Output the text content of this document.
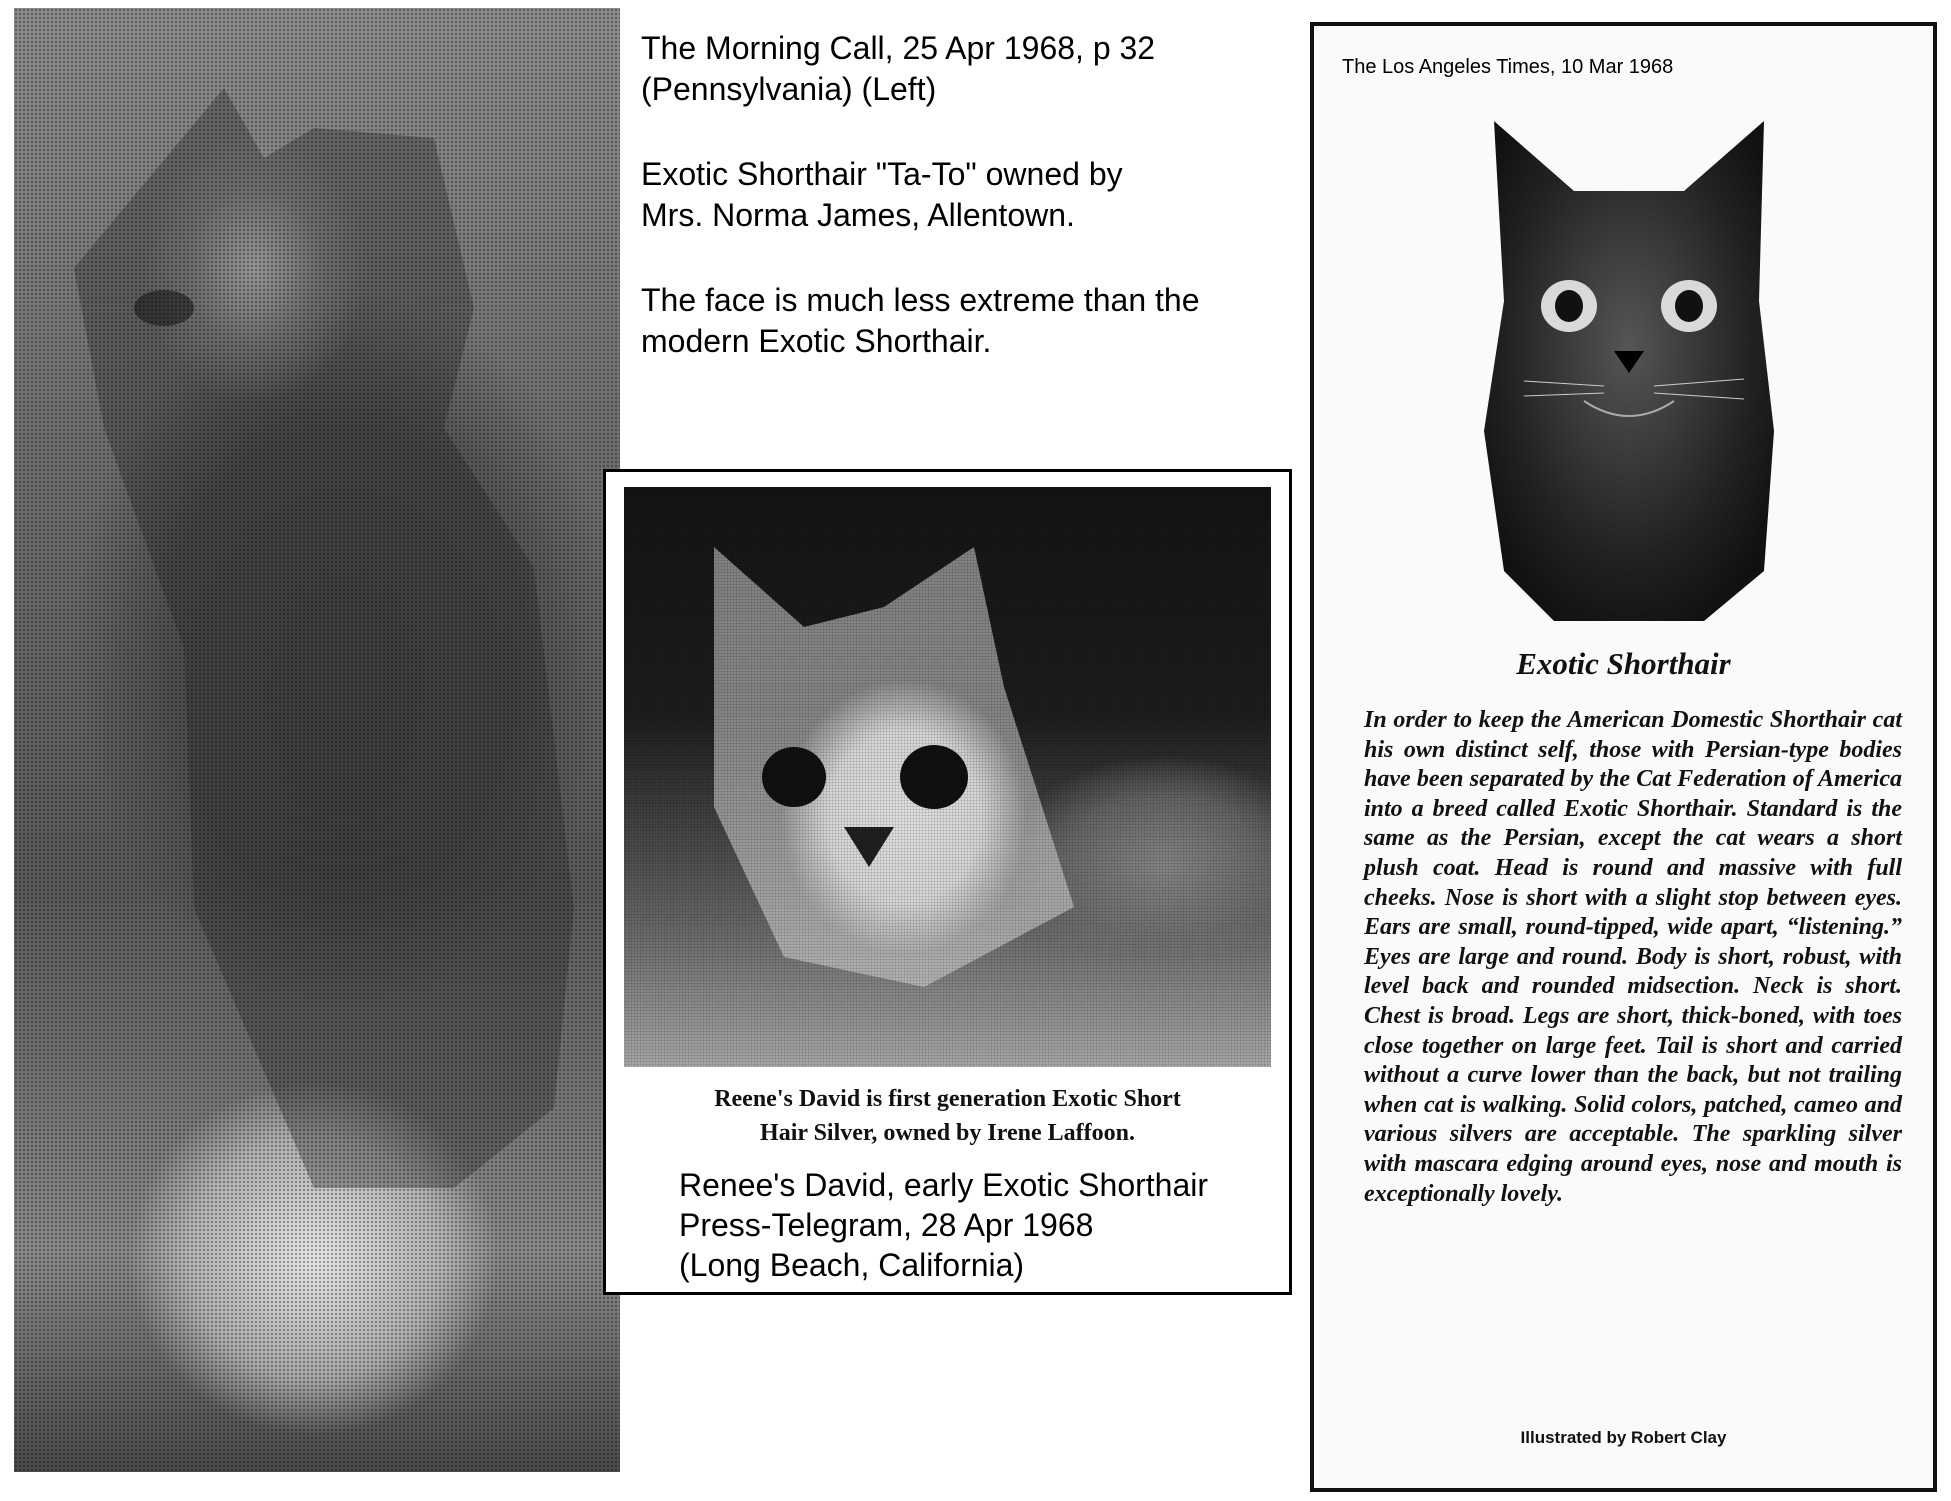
The Morning Call, 25 Apr 1968, p 32
(Pennsylvania) (Left)

Exotic Shorthair "Ta-To" owned by
Mrs. Norma James, Allentown.

The face is much less extreme than the
modern Exotic Shorthair.

Reene's David is first generation Exotic Short
Hair Silver, owned by Irene Laffoon.
Renee's David, early Exotic Shorthair
Press-Telegram, 28 Apr 1968
(Long Beach, California)
The Los Angeles Times, 10 Mar 1968
Exotic Shorthair
In order to keep the American Domestic Shorthair cat his own distinct self, those with Persian-type bodies have been separated by the Cat Federation of America into a breed called Exotic Shorthair. Standard is the same as the Persian, except the cat wears a short plush coat. Head is round and massive with full cheeks. Nose is short with a slight stop between eyes. Ears are small, round-tipped, wide apart, “listening.” Eyes are large and round. Body is short, robust, with level back and rounded midsection. Neck is short. Chest is broad. Legs are short, thick-boned, with toes close together on large feet. Tail is short and carried without a curve lower than the back, but not trailing when cat is walking. Solid colors, patched, cameo and various silvers are acceptable. The sparkling silver with mascara edging around eyes, nose and mouth is exceptionally lovely.
Illustrated by Robert Clay
